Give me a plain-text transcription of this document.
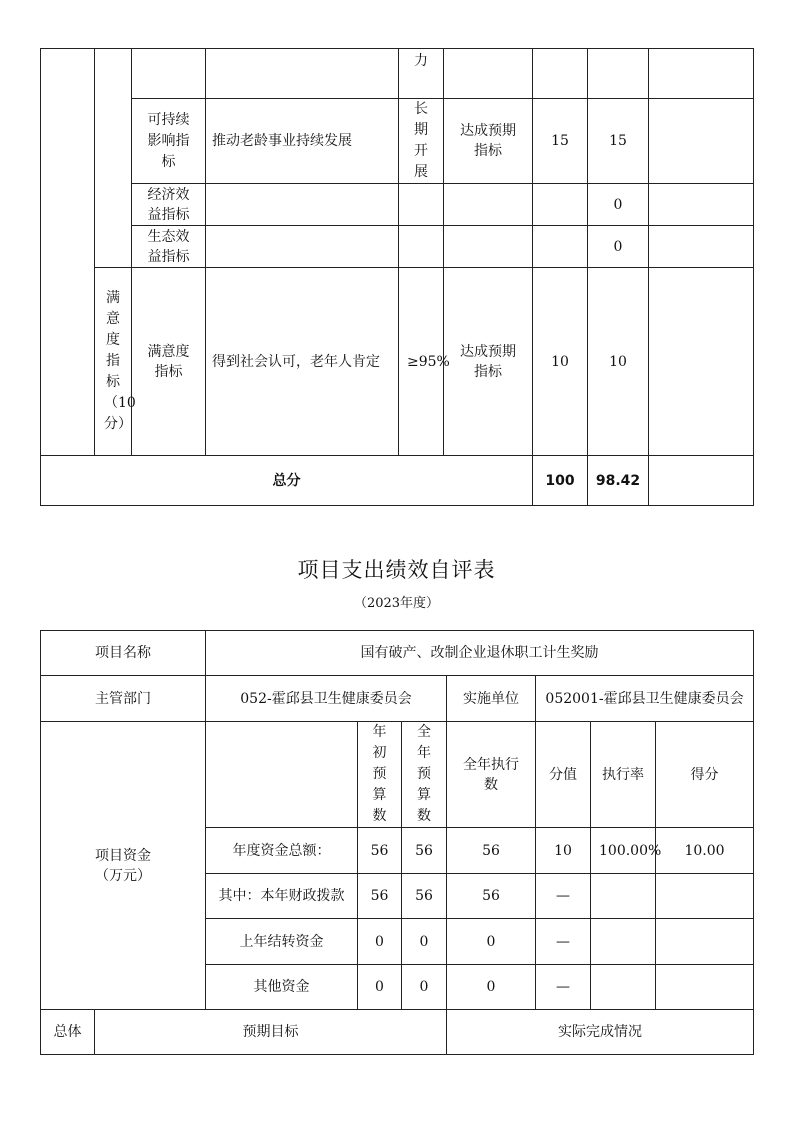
				力				
		可持续影响指标	推动老龄事业持续发展	长期开展	达成预期指标	15	15	
		经济效益指标					0	
		生态效益指标					0	
	满意度指标（10分）	满意度指标	得到社会认可，老年人肯定	≥95%	达成预期指标	10	10	
总分						100	98.42	
项目支出绩效自评表
（2023年度）
项目名称		国有破产、改制企业退休职工计生奖励						
主管部门		052-霍邱县卫生健康委员会			实施单位	052001-霍邱县卫生健康委员会		

项目资金（万元）			年初预算数	全年预算数	全年执行数	分值	执行率	得分
		年度资金总额：	56	56	56	10	100.00%	10.00
		其中：本年财政拨款	56	56	56	—		
		上年结转资金	0	0	0	—		
		其他资金	0	0	0	—		
总体	预期目标				实际完成情况			
